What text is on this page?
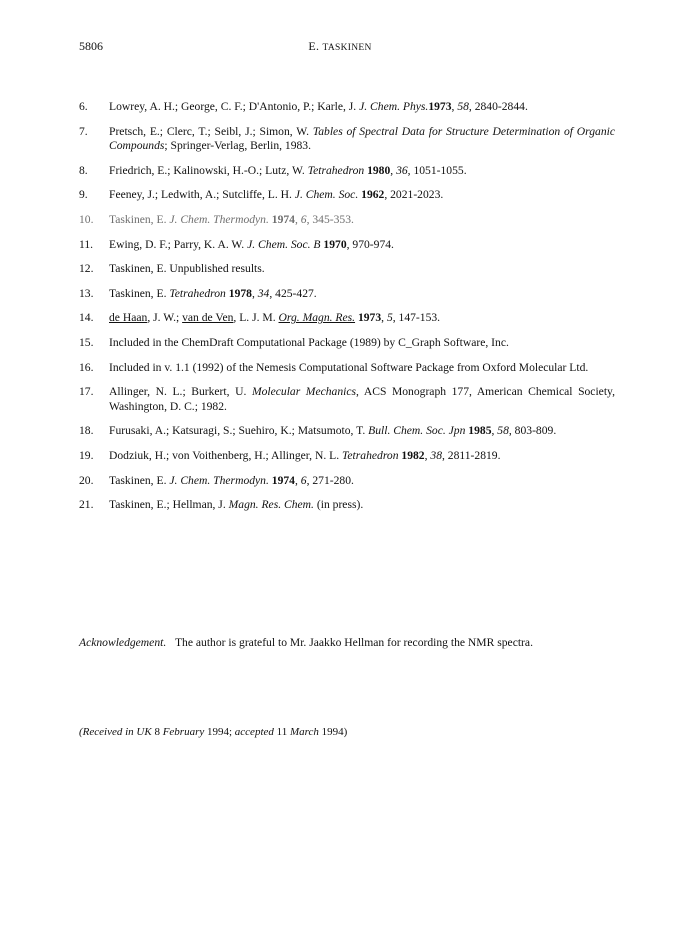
5806	E. TASKINEN
6.	Lowrey, A. H.; George, C. F.; D'Antonio, P.; Karle, J. J. Chem. Phys.1973, 58, 2840-2844.
7.	Pretsch, E.; Clerc, T.; Seibl, J.; Simon, W. Tables of Spectral Data for Structure Determination of Organic Compounds; Springer-Verlag, Berlin, 1983.
8.	Friedrich, E.; Kalinowski, H.-O.; Lutz, W. Tetrahedron 1980, 36, 1051-1055.
9.	Feeney, J.; Ledwith, A.; Sutcliffe, L. H. J. Chem. Soc. 1962, 2021-2023.
10.	Taskinen, E. J. Chem. Thermodyn. 1974, 6, 345-353.
11.	Ewing, D. F.; Parry, K. A. W. J. Chem. Soc. B 1970, 970-974.
12.	Taskinen, E. Unpublished results.
13.	Taskinen, E. Tetrahedron 1978, 34, 425-427.
14.	de Haan, J. W.; van de Ven, L. J. M. Org. Magn. Res. 1973, 5, 147-153.
15.	Included in the ChemDraft Computational Package (1989) by C_Graph Software, Inc.
16.	Included in v. 1.1 (1992) of the Nemesis Computational Software Package from Oxford Molecular Ltd.
17.	Allinger, N. L.; Burkert, U. Molecular Mechanics, ACS Monograph 177, American Chemical Society, Washington, D. C.; 1982.
18.	Furusaki, A.; Katsuragi, S.; Suehiro, K.; Matsumoto, T. Bull. Chem. Soc. Jpn 1985, 58, 803-809.
19.	Dodziuk, H.; von Voithenberg, H.; Allinger, N. L. Tetrahedron 1982, 38, 2811-2819.
20.	Taskinen, E. J. Chem. Thermodyn. 1974, 6, 271-280.
21.	Taskinen, E.; Hellman, J. Magn. Res. Chem. (in press).
Acknowledgement. The author is grateful to Mr. Jaakko Hellman for recording the NMR spectra.
(Received in UK 8 February 1994; accepted 11 March 1994)
